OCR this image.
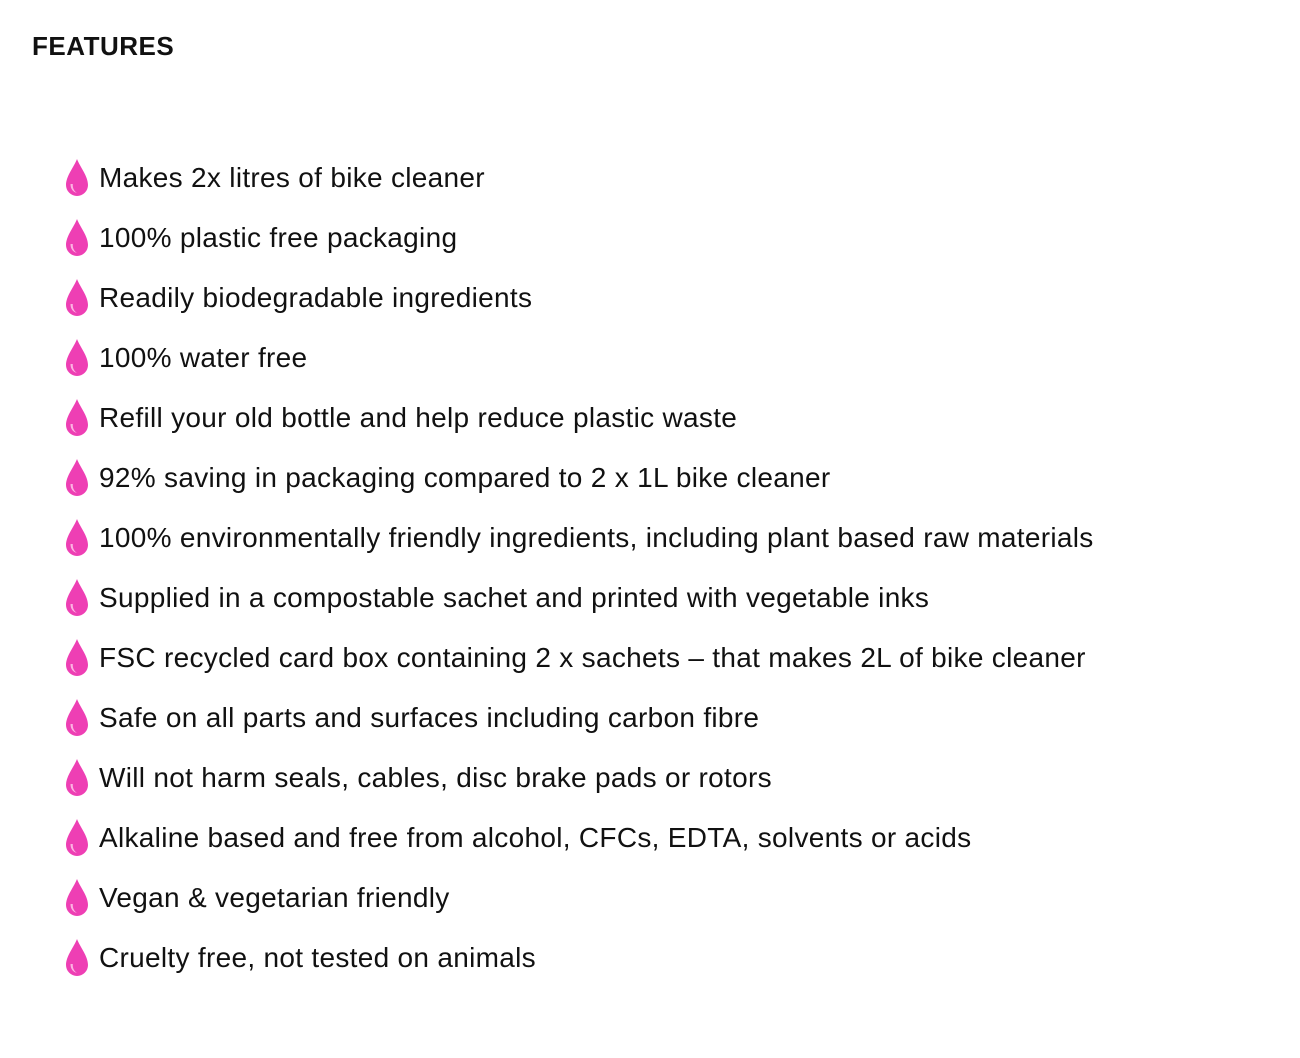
FEATURES
Makes 2x litres of bike cleaner
100% plastic free packaging
Readily biodegradable ingredients
100% water free
Refill your old bottle and help reduce plastic waste
92% saving in packaging compared to 2 x 1L bike cleaner
100% environmentally friendly ingredients, including plant based raw materials
Supplied in a compostable sachet and printed with vegetable inks
FSC recycled card box containing 2 x sachets – that makes 2L of bike cleaner
Safe on all parts and surfaces including carbon fibre
Will not harm seals, cables, disc brake pads or rotors
Alkaline based and free from alcohol, CFCs, EDTA, solvents or acids
Vegan & vegetarian friendly
Cruelty free, not tested on animals
